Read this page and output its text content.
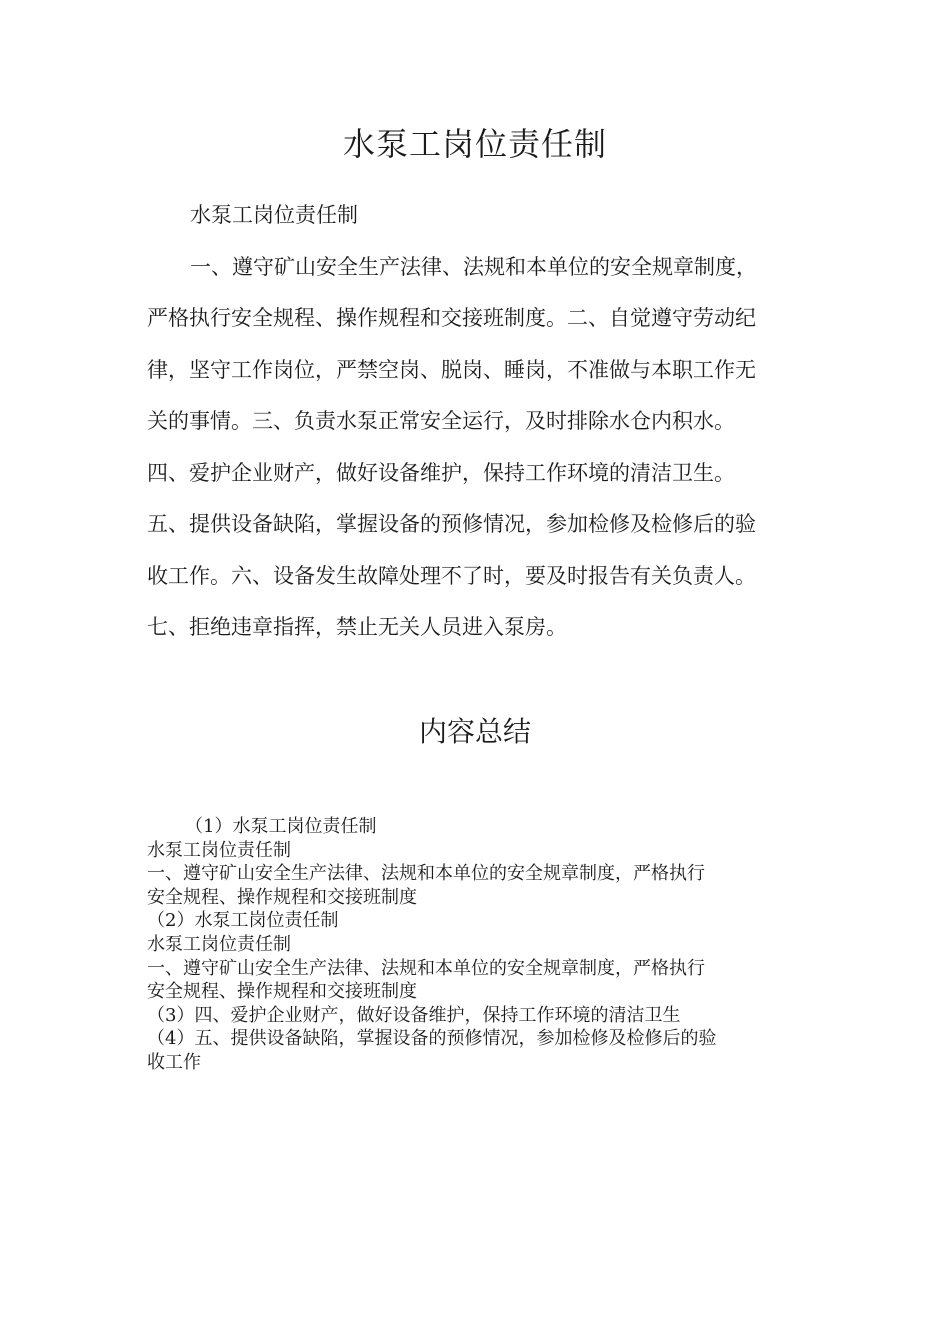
水泵工岗位责任制

水泵工岗位责任制

一、遵守矿山安全生产法律、法规和本单位的安全规章制度，

严格执行安全规程、操作规程和交接班制度。二、自觉遵守劳动纪

律，坚守工作岗位，严禁空岗、脱岗、睡岗，不准做与本职工作无

关的事情。三、负责水泵正常安全运行，及时排除水仓内积水。

四、爱护企业财产，做好设备维护，保持工作环境的清洁卫生。

五、提供设备缺陷，掌握设备的预修情况，参加检修及检修后的验

收工作。六、设备发生故障处理不了时，要及时报告有关负责人。

七、拒绝违章指挥，禁止无关人员进入泵房。

内容总结

（1）水泵工岗位责任制

水泵工岗位责任制

一、遵守矿山安全生产法律、法规和本单位的安全规章制度，严格执行

安全规程、操作规程和交接班制度

（2）水泵工岗位责任制

水泵工岗位责任制

一、遵守矿山安全生产法律、法规和本单位的安全规章制度，严格执行

安全规程、操作规程和交接班制度

（3）四、爱护企业财产，做好设备维护，保持工作环境的清洁卫生

（4）五、提供设备缺陷，掌握设备的预修情况，参加检修及检修后的验

收工作
